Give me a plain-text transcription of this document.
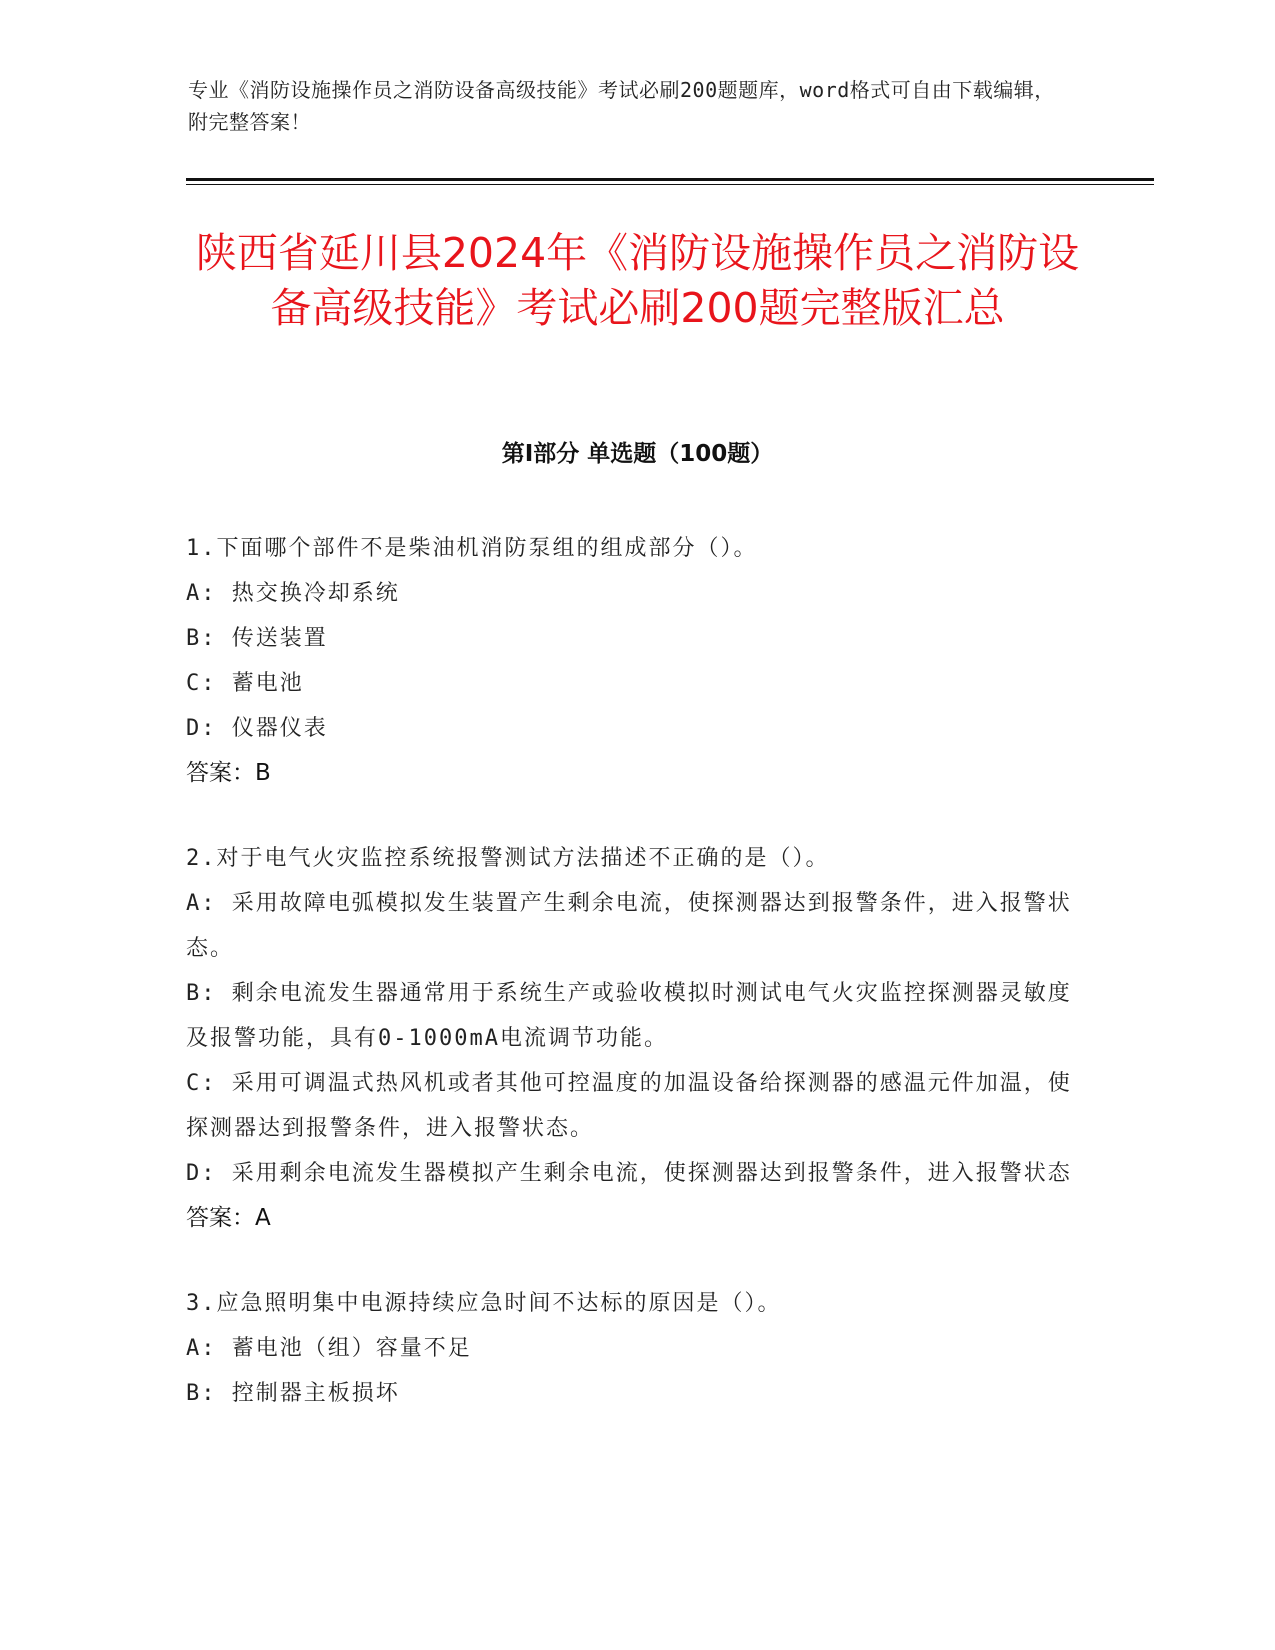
专业《消防设施操作员之消防设备高级技能》考试必刷200题题库，word格式可自由下载编辑，附完整答案！
陕西省延川县2024年《消防设施操作员之消防设备高级技能》考试必刷200题完整版汇总
第I部分 单选题（100题）
1.下面哪个部件不是柴油机消防泵组的组成部分（）。
A: 热交换冷却系统
B: 传送装置
C: 蓄电池
D: 仪器仪表
答案：B
2.对于电气火灾监控系统报警测试方法描述不正确的是（）。
A: 采用故障电弧模拟发生装置产生剩余电流，使探测器达到报警条件，进入报警状态。
B: 剩余电流发生器通常用于系统生产或验收模拟时测试电气火灾监控探测器灵敏度及报警功能，具有0-1000mA电流调节功能。
C: 采用可调温式热风机或者其他可控温度的加温设备给探测器的感温元件加温，使探测器达到报警条件，进入报警状态。
D: 采用剩余电流发生器模拟产生剩余电流，使探测器达到报警条件，进入报警状态
答案：A
3.应急照明集中电源持续应急时间不达标的原因是（）。
A: 蓄电池（组）容量不足
B: 控制器主板损坏
